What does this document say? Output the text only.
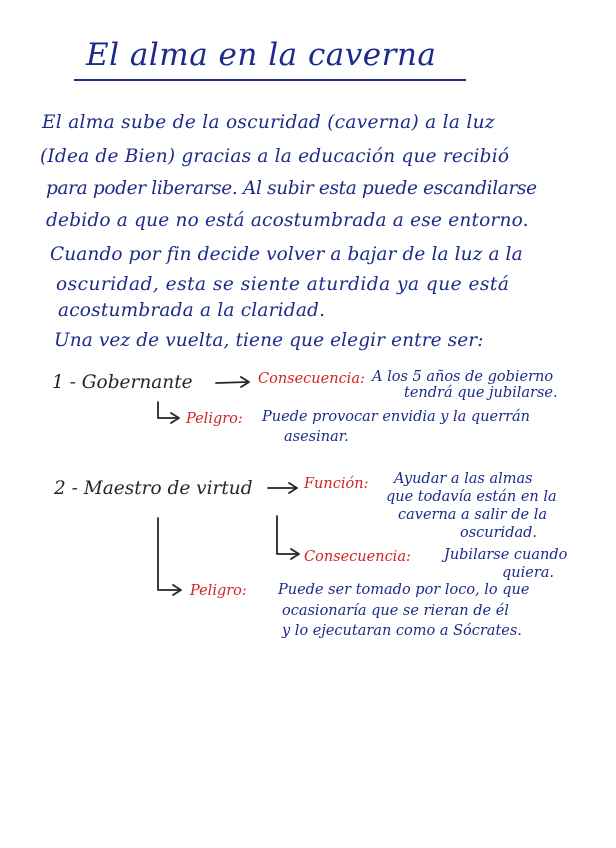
El alma en la caverna
El alma sube de la oscuridad (caverna) a la luz
(Idea de Bien) gracias a la educación que recibió
para poder liberarse. Al subir esta puede escandilarse
debido a que no está acostumbrada a ese entorno.
Cuando por fin decide volver a bajar de la luz a la
oscuridad, esta se siente aturdida ya que está
acostumbrada a la claridad.
Una vez de vuelta, tiene que elegir entre ser:
1 - Gobernante	Consecuencia: A los 5 años de gobierno
tendrá que jubilarse.
Peligro: Puede provocar envidia y la querrán
asesinar.
2 - Maestro de virtud	Función: Ayudar a las almas
que todavía están en la
caverna a salir de la
oscuridad.
Consecuencia: Jubilarse cuando
quiera.
Peligro: Puede ser tomado por loco, lo que
ocasionaría que se rieran de él
y lo ejecutaran como a Sócrates.
